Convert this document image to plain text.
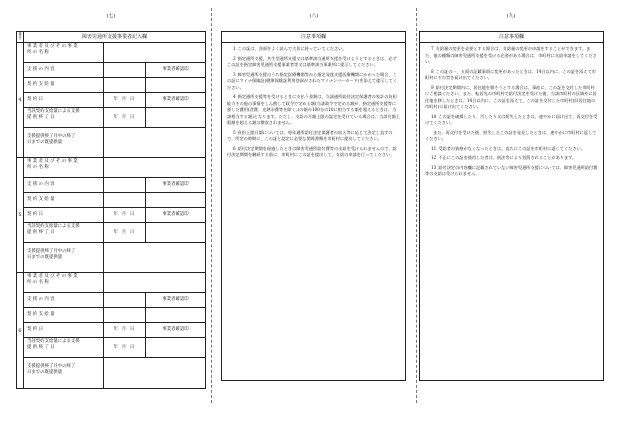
(七)	(八)	(九)
番号	障害児通所支援事業者記入欄
4
事 業 者 及 び そ の 事 業
所 の 名 称
支 援 の 内 容	事業者確認印
契 約 支 給 量
契 約 日	年 月 日	事業者確認印
当該契約支給量による支援
提 供 終 了 日	年 月 日
支援提供終了月中の終了
日までの既提供量
5
事 業 者 及 び そ の 事 業
所 の 名 称
支 援 の 内 容	事業者確認印
契 約 支 給 量
契 約 日	年 月 日	事業者確認印
当該契約支給量による支援
提 供 終 了 日	年 月 日
支援提供終了月中の終了
日までの既提供量
6
事 業 者 及 び そ の 事 業
所 の 名 称
支 援 の 内 容	事業者確認印
契 約 支 給 量
契 約 日	年 月 日	事業者確認印
当該契約支給量による支援
提 供 終 了 日	年 月 日
支援提供終了月中の終了
日までの既提供量
注意事項欄

1 この証は、各面をよく読んで大切に持っていてください。

2 指定通所支援、共生型通所支援又は基準該当通所支援を受けようとするときは、必ずこの証を指定障害児通所支援事業者等又は基準該当事業所に提示してください。

3 障害児通所支援のうち指定医療機関等から指定発達支援医療機関にかかった場合、この証にマイナ保険証(健康保険証利用登録がされたマイナンバーカード)を添えて提示してください。

4 指定通所支援等を受けるときに支払う金額は、当該通所給付決定保護者の家計の負担能力その他の事情をしん酌して政令で定める額(当該政令で定める額が、指定通所支援等に要した費用(食費、光熱水費等を除く。)の額の100分の10に相当する額を超えるときは、当該相当する額)となります。ただし、支給の月額上限の認定を受けている場合は、当該月額上限額を超える額は徴収されません。

5 負担上限月額については、毎年通所給付決定保護者の収入等に応じて決定し直すので、所定の時期に、この証と認定に必要な関係書類を市町村に提出してください。

6 給付決定期間を経過したときは障害児通所給付費等の支給を受けられませんので、給付決定期間を継続する前に、市町村にこの証を提出して、支給の申請を行ってください。

注意事項欄

7 支給量の変更を必要とする場合は、支給量の変更の申請をすることができます。また、他の種類の障害児通所支援を受ける必要がある場合は、市町村に支給申請をしてください。

8 この証の一、五面の記載事項に変更があったときは、14日以内に、この証を添えて市町村にその旨を届け出てください。

9 給付決定期間内に、居住地を移そうとする場合は、事前に、この証を交付した市町村にご相談ください。また、転居先の市町村で給付決定を受けた後、当該市町村の区域外に居住地を移したときは、14日以内に、この証を添えて、この証を交付した市町村(旧居住地の市町村)に届け出てください。

10 この証を破損したり、汚したり又は紛失したときは、速やかに届け出て、再交付を受けてください。

また、再交付を受けた後、紛失したこの証を発見したときは、速やかに市町村に返してください。

11 受給者の資格がなくなったときは、直ちにこの証を市町村に返してください。

12 不正にこの証を使用した者は、刑法等により処罰されることがあります。

13 給付決定の内容欄に記載されていない障害児通所支援については、障害児通所給付費等の支給は受けられません。
